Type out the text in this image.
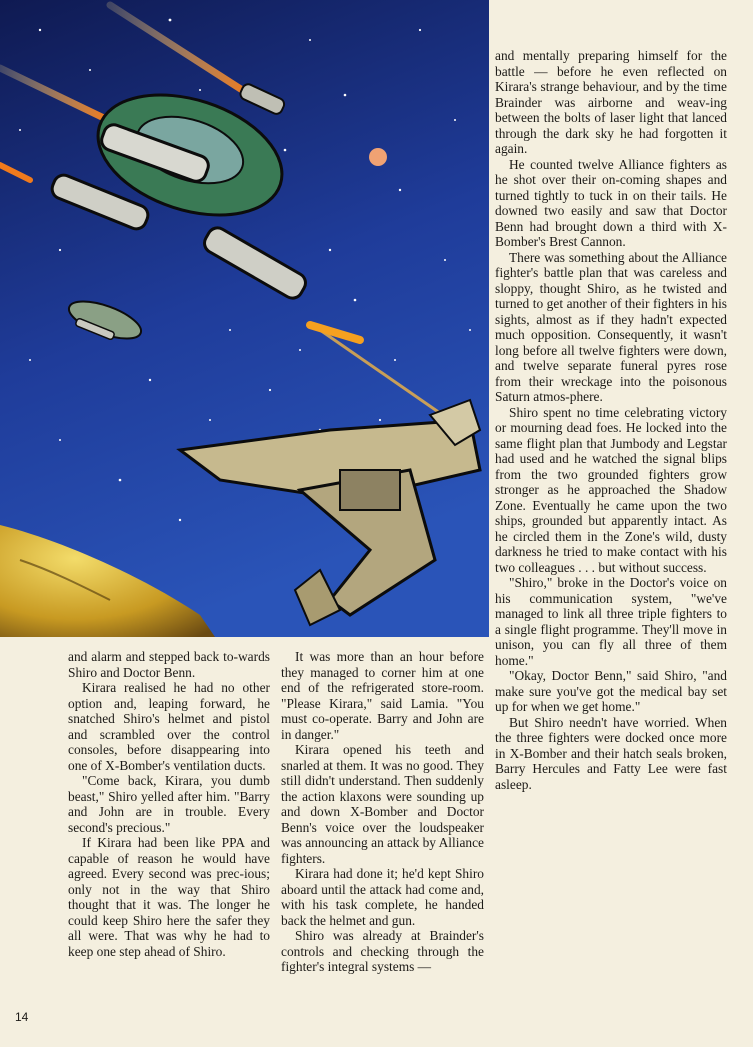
and mentally preparing himself for the battle — before he even reflected on Kirara's strange behaviour, and by the time Brainder was airborne and weav-ing between the bolts of laser light that lanced through the dark sky he had forgotten it again.

He counted twelve Alliance fighters as he shot over their on-coming shapes and turned tightly to tuck in on their tails. He downed two easily and saw that Doctor Benn had brought down a third with X-Bomber's Brest Cannon.

There was something about the Alliance fighter's battle plan that was careless and sloppy, thought Shiro, as he twisted and turned to get another of their fighters in his sights, almost as if they hadn't expected much opposition. Consequently, it wasn't long before all twelve fighters were down, and twelve separate funeral pyres rose from their wreckage into the poisonous Saturn atmos-phere.

Shiro spent no time celebrating victory or mourning dead foes. He locked into the same flight plan that Jumbody and Legstar had used and he watched the signal blips from the two grounded fighters grow stronger as he approached the Shadow Zone. Eventually he came upon the two ships, grounded but apparently intact. As he circled them in the Zone's wild, dusty darkness he tried to make contact with his two colleagues . . . but without success.

"Shiro," broke in the Doctor's voice on his communication system, "we've managed to link all three triple fighters to a single flight programme. They'll move in unison, you can fly all three of them home."

"Okay, Doctor Benn," said Shiro, "and make sure you've got the medical bay set up for when we get home."

But Shiro needn't have worried. When the three fighters were docked once more in X-Bomber and their hatch seals broken, Barry Hercules and Fatty Lee were fast asleep.

and alarm and stepped back to-wards Shiro and Doctor Benn.

Kirara realised he had no other option and, leaping forward, he snatched Shiro's helmet and pistol and scrambled over the control consoles, before disappearing into one of X-Bomber's ventilation ducts.

"Come back, Kirara, you dumb beast," Shiro yelled after him. "Barry and John are in trouble. Every second's precious."

If Kirara had been like PPA and capable of reason he would have agreed. Every second was prec-ious; only not in the way that Shiro thought that it was. The longer he could keep Shiro here the safer they all were. That was why he had to keep one step ahead of Shiro.

It was more than an hour before they managed to corner him at one end of the refrigerated store-room. "Please Kirara," said Lamia. "You must co-operate. Barry and John are in danger."

Kirara opened his teeth and snarled at them. It was no good. They still didn't understand. Then suddenly the action klaxons were sounding up and down X-Bomber and Doctor Benn's voice over the loudspeaker was announcing an attack by Alliance fighters.

Kirara had done it; he'd kept Shiro aboard until the attack had come and, with his task complete, he handed back the helmet and gun.

Shiro was already at Brainder's controls and checking through the fighter's integral systems —

14
